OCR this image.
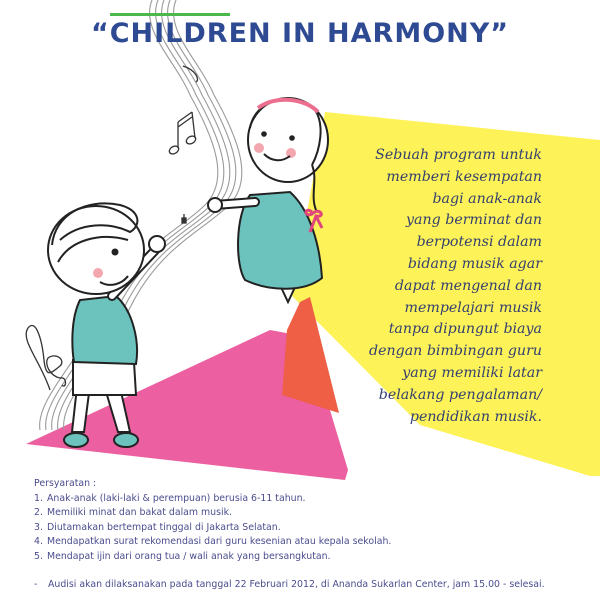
“CHILDREN IN HARMONY”
Sebuah program untuk
memberi kesempatan
bagi anak-anak
yang berminat dan
berpotensi dalam
bidang musik agar
dapat mengenal dan
mempelajari musik
tanpa dipungut biaya
dengan bimbingan guru
yang memiliki latar
belakang pengalaman/
pendidikan musik.
Persyaratan :
1. Anak-anak (laki-laki & perempuan) berusia 6-11 tahun.
2. Memiliki minat dan bakat dalam musik.
3. Diutamakan bertempat tinggal di Jakarta Selatan.
4. Mendapatkan surat rekomendasi dari guru kesenian atau kepala sekolah.
5. Mendapat ijin dari orang tua / wali anak yang bersangkutan.
- Audisi akan dilaksanakan pada tanggal 22 Februari 2012, di Ananda Sukarlan Center, jam 15.00 - selesai.
